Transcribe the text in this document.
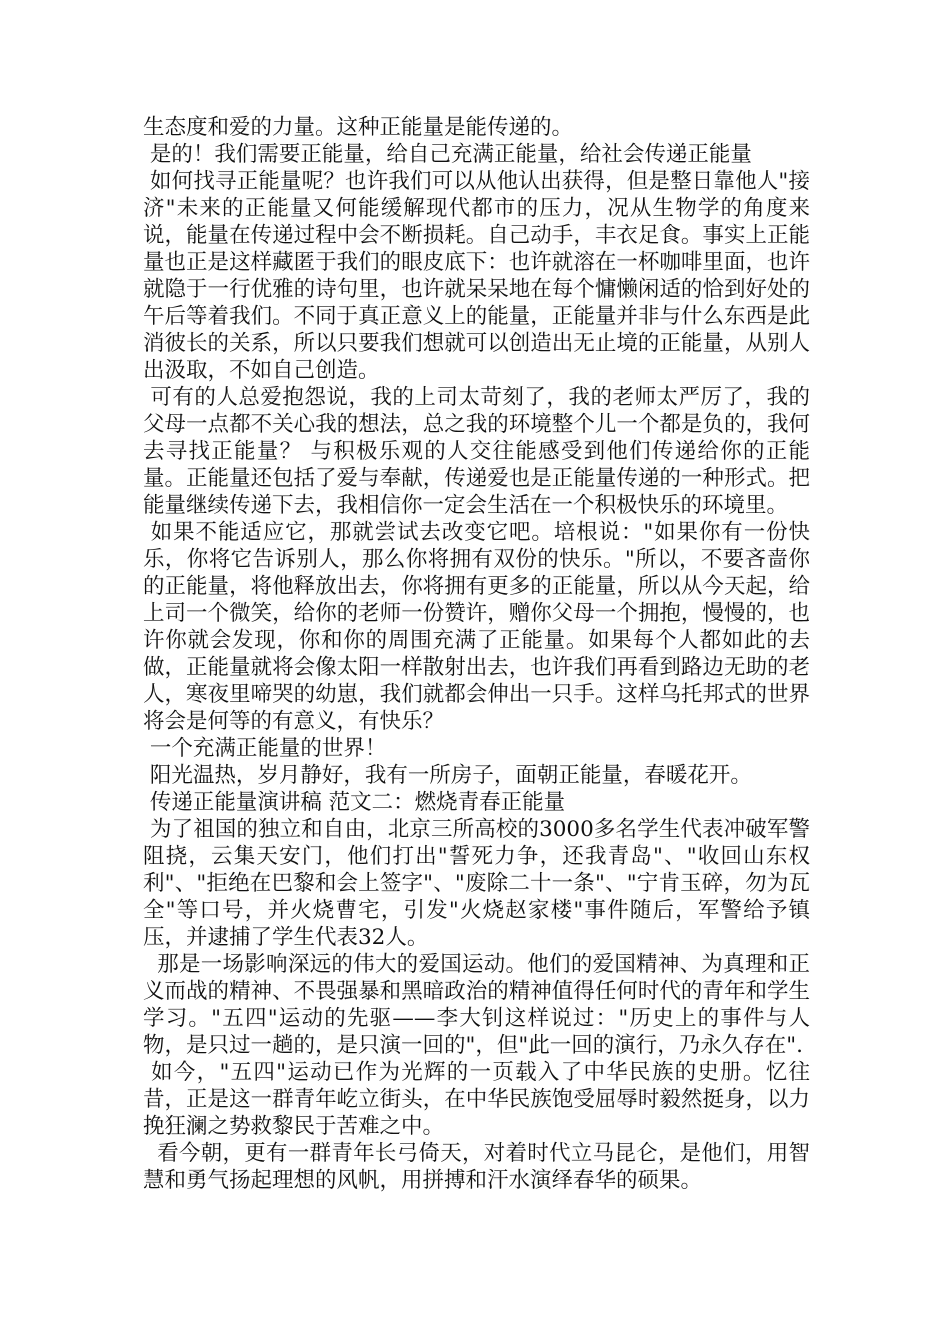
生态度和爱的力量。这种正能量是能传递的。

是的！我们需要正能量，给自己充满正能量，给社会传递正能量

如何找寻正能量呢？也许我们可以从他认出获得，但是整日靠他人"接济"未来的正能量又何能缓解现代都市的压力，况从生物学的角度来说，能量在传递过程中会不断损耗。自己动手，丰衣足食。事实上正能量也正是这样藏匿于我们的眼皮底下：也许就溶在一杯咖啡里面，也许就隐于一行优雅的诗句里，也许就呆呆地在每个慵懒闲适的恰到好处的午后等着我们。不同于真正意义上的能量，正能量并非与什么东西是此消彼长的关系，所以只要我们想就可以创造出无止境的正能量，从别人出汲取，不如自己创造。

可有的人总爱抱怨说，我的上司太苛刻了，我的老师太严厉了，我的父母一点都不关心我的想法，总之我的环境整个儿一个都是负的，我何去寻找正能量？ 与积极乐观的人交往能感受到他们传递给你的正能量。正能量还包括了爱与奉献，传递爱也是正能量传递的一种形式。把能量继续传递下去，我相信你一定会生活在一个积极快乐的环境里。

如果不能适应它，那就尝试去改变它吧。培根说："如果你有一份快乐，你将它告诉别人，那么你将拥有双份的快乐。"所以，不要吝啬你的正能量，将他释放出去，你将拥有更多的正能量，所以从今天起，给上司一个微笑，给你的老师一份赞许，赠你父母一个拥抱，慢慢的，也许你就会发现，你和你的周围充满了正能量。如果每个人都如此的去做，正能量就将会像太阳一样散射出去，也许我们再看到路边无助的老人，寒夜里啼哭的幼崽，我们就都会伸出一只手。这样乌托邦式的世界将会是何等的有意义，有快乐？

一个充满正能量的世界！

阳光温热，岁月静好，我有一所房子，面朝正能量，春暖花开。

传递正能量演讲稿 范文二：燃烧青春正能量

为了祖国的独立和自由，北京三所高校的3000多名学生代表冲破军警阻挠，云集天安门，他们打出"誓死力争，还我青岛"、"收回山东权利"、"拒绝在巴黎和会上签字"、"废除二十一条"、"宁肯玉碎，勿为瓦全"等口号，并火烧曹宅，引发"火烧赵家楼"事件随后，军警给予镇压，并逮捕了学生代表32人。

那是一场影响深远的伟大的爱国运动。他们的爱国精神、为真理和正义而战的精神、不畏强暴和黑暗政治的精神值得任何时代的青年和学生学习。"五四"运动的先驱——李大钊这样说过："历史上的事件与人物，是只过一趟的，是只演一回的"，但"此一回的演行，乃永久存在".

如今，"五四"运动已作为光辉的一页载入了中华民族的史册。忆往昔，正是这一群青年屹立街头，在中华民族饱受屈辱时毅然挺身，以力挽狂澜之势救黎民于苦难之中。

看今朝，更有一群青年长弓倚天，对着时代立马昆仑，是他们，用智慧和勇气扬起理想的风帆，用拼搏和汗水演绎春华的硕果。
